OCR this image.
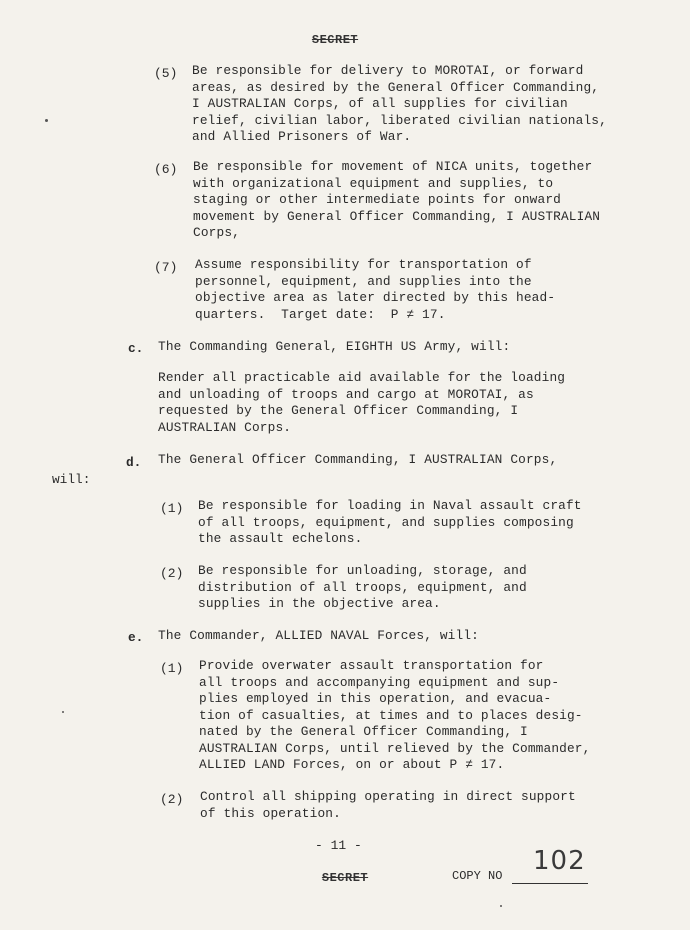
SECRET
(5) Be responsible for delivery to MOROTAI, or forward
areas, as desired by the General Officer Commanding,
I AUSTRALIAN Corps, of all supplies for civilian
relief, civilian labor, liberated civilian nationals,
and Allied Prisoners of War.
(6) Be responsible for movement of NICA units, together
with organizational equipment and supplies, to
staging or other intermediate points for onward
movement by General Officer Commanding, I AUSTRALIAN
Corps,
(7) Assume responsibility for transportation of
personnel, equipment, and supplies into the
objective area as later directed by this head-
quarters.  Target date:  P ≠ 17.
c. The Commanding General, EIGHTH US Army, will:
Render all practicable aid available for the loading
and unloading of troops and cargo at MOROTAI, as
requested by the General Officer Commanding, I
AUSTRALIAN Corps.
d. The General Officer Commanding, I AUSTRALIAN Corps,
will:
(1) Be responsible for loading in Naval assault craft
of all troops, equipment, and supplies composing
the assault echelons.
(2) Be responsible for unloading, storage, and
distribution of all troops, equipment, and
supplies in the objective area.
e. The Commander, ALLIED NAVAL Forces, will:
(1) Provide overwater assault transportation for
all troops and accompanying equipment and sup-
plies employed in this operation, and evacua-
tion of casualties, at times and to places desig-
nated by the General Officer Commanding, I
AUSTRALIAN Corps, until relieved by the Commander,
ALLIED LAND Forces, on or about P ≠ 17.
(2) Control all shipping operating in direct support
of this operation.
- 11 -
SECRET	COPY NO 102
